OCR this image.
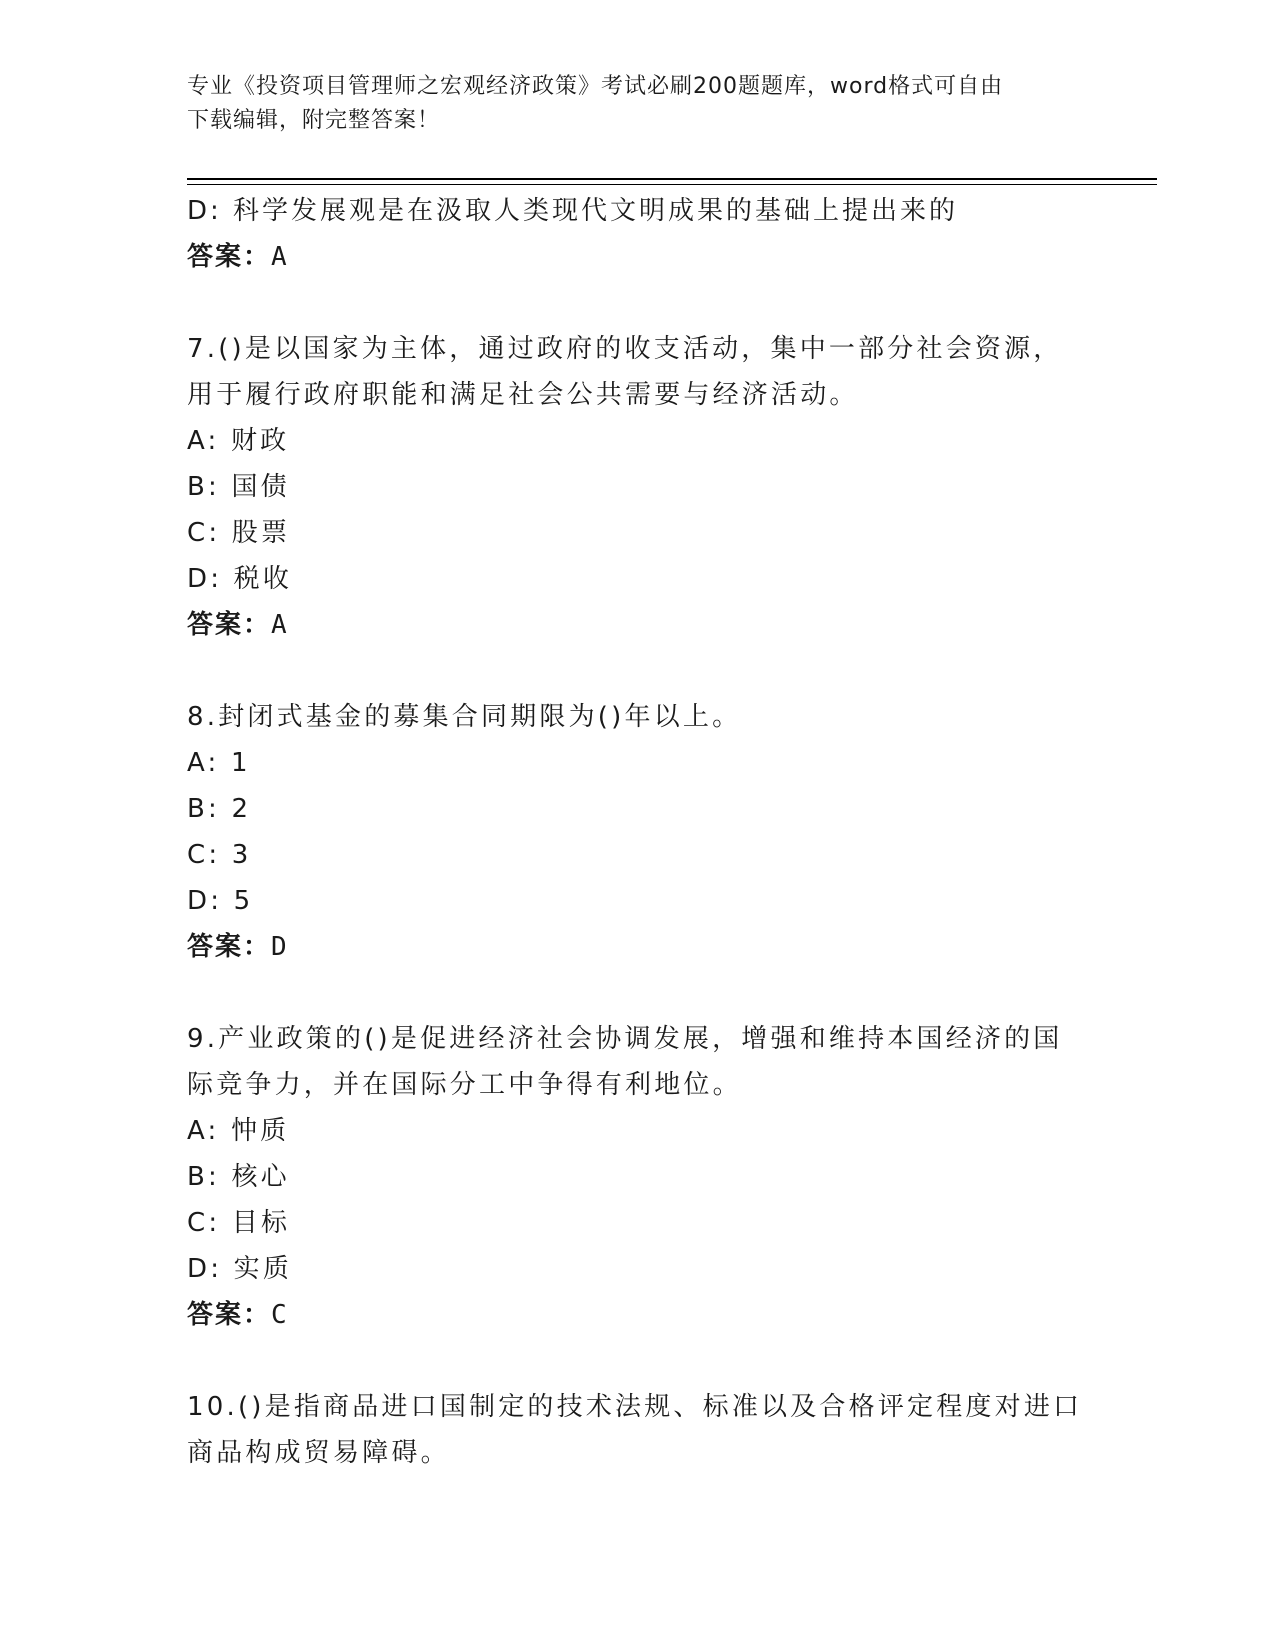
专业《投资项目管理师之宏观经济政策》考试必刷200题题库，word格式可自由
下载编辑，附完整答案！
D: 科学发展观是在汲取人类现代文明成果的基础上提出来的
答案：A
7.()是以国家为主体，通过政府的收支活动，集中一部分社会资源，
用于履行政府职能和满足社会公共需要与经济活动。
A: 财政
B: 国债
C: 股票
D: 税收
答案：A
8.封闭式基金的募集合同期限为()年以上。
A: 1
B: 2
C: 3
D: 5
答案：D
9.产业政策的()是促进经济社会协调发展，增强和维持本国经济的国
际竞争力，并在国际分工中争得有利地位。
A: 忡质
B: 核心
C: 目标
D: 实质
答案：C
10.()是指商品进口国制定的技术法规、标准以及合格评定程度对进口
商品构成贸易障碍。
